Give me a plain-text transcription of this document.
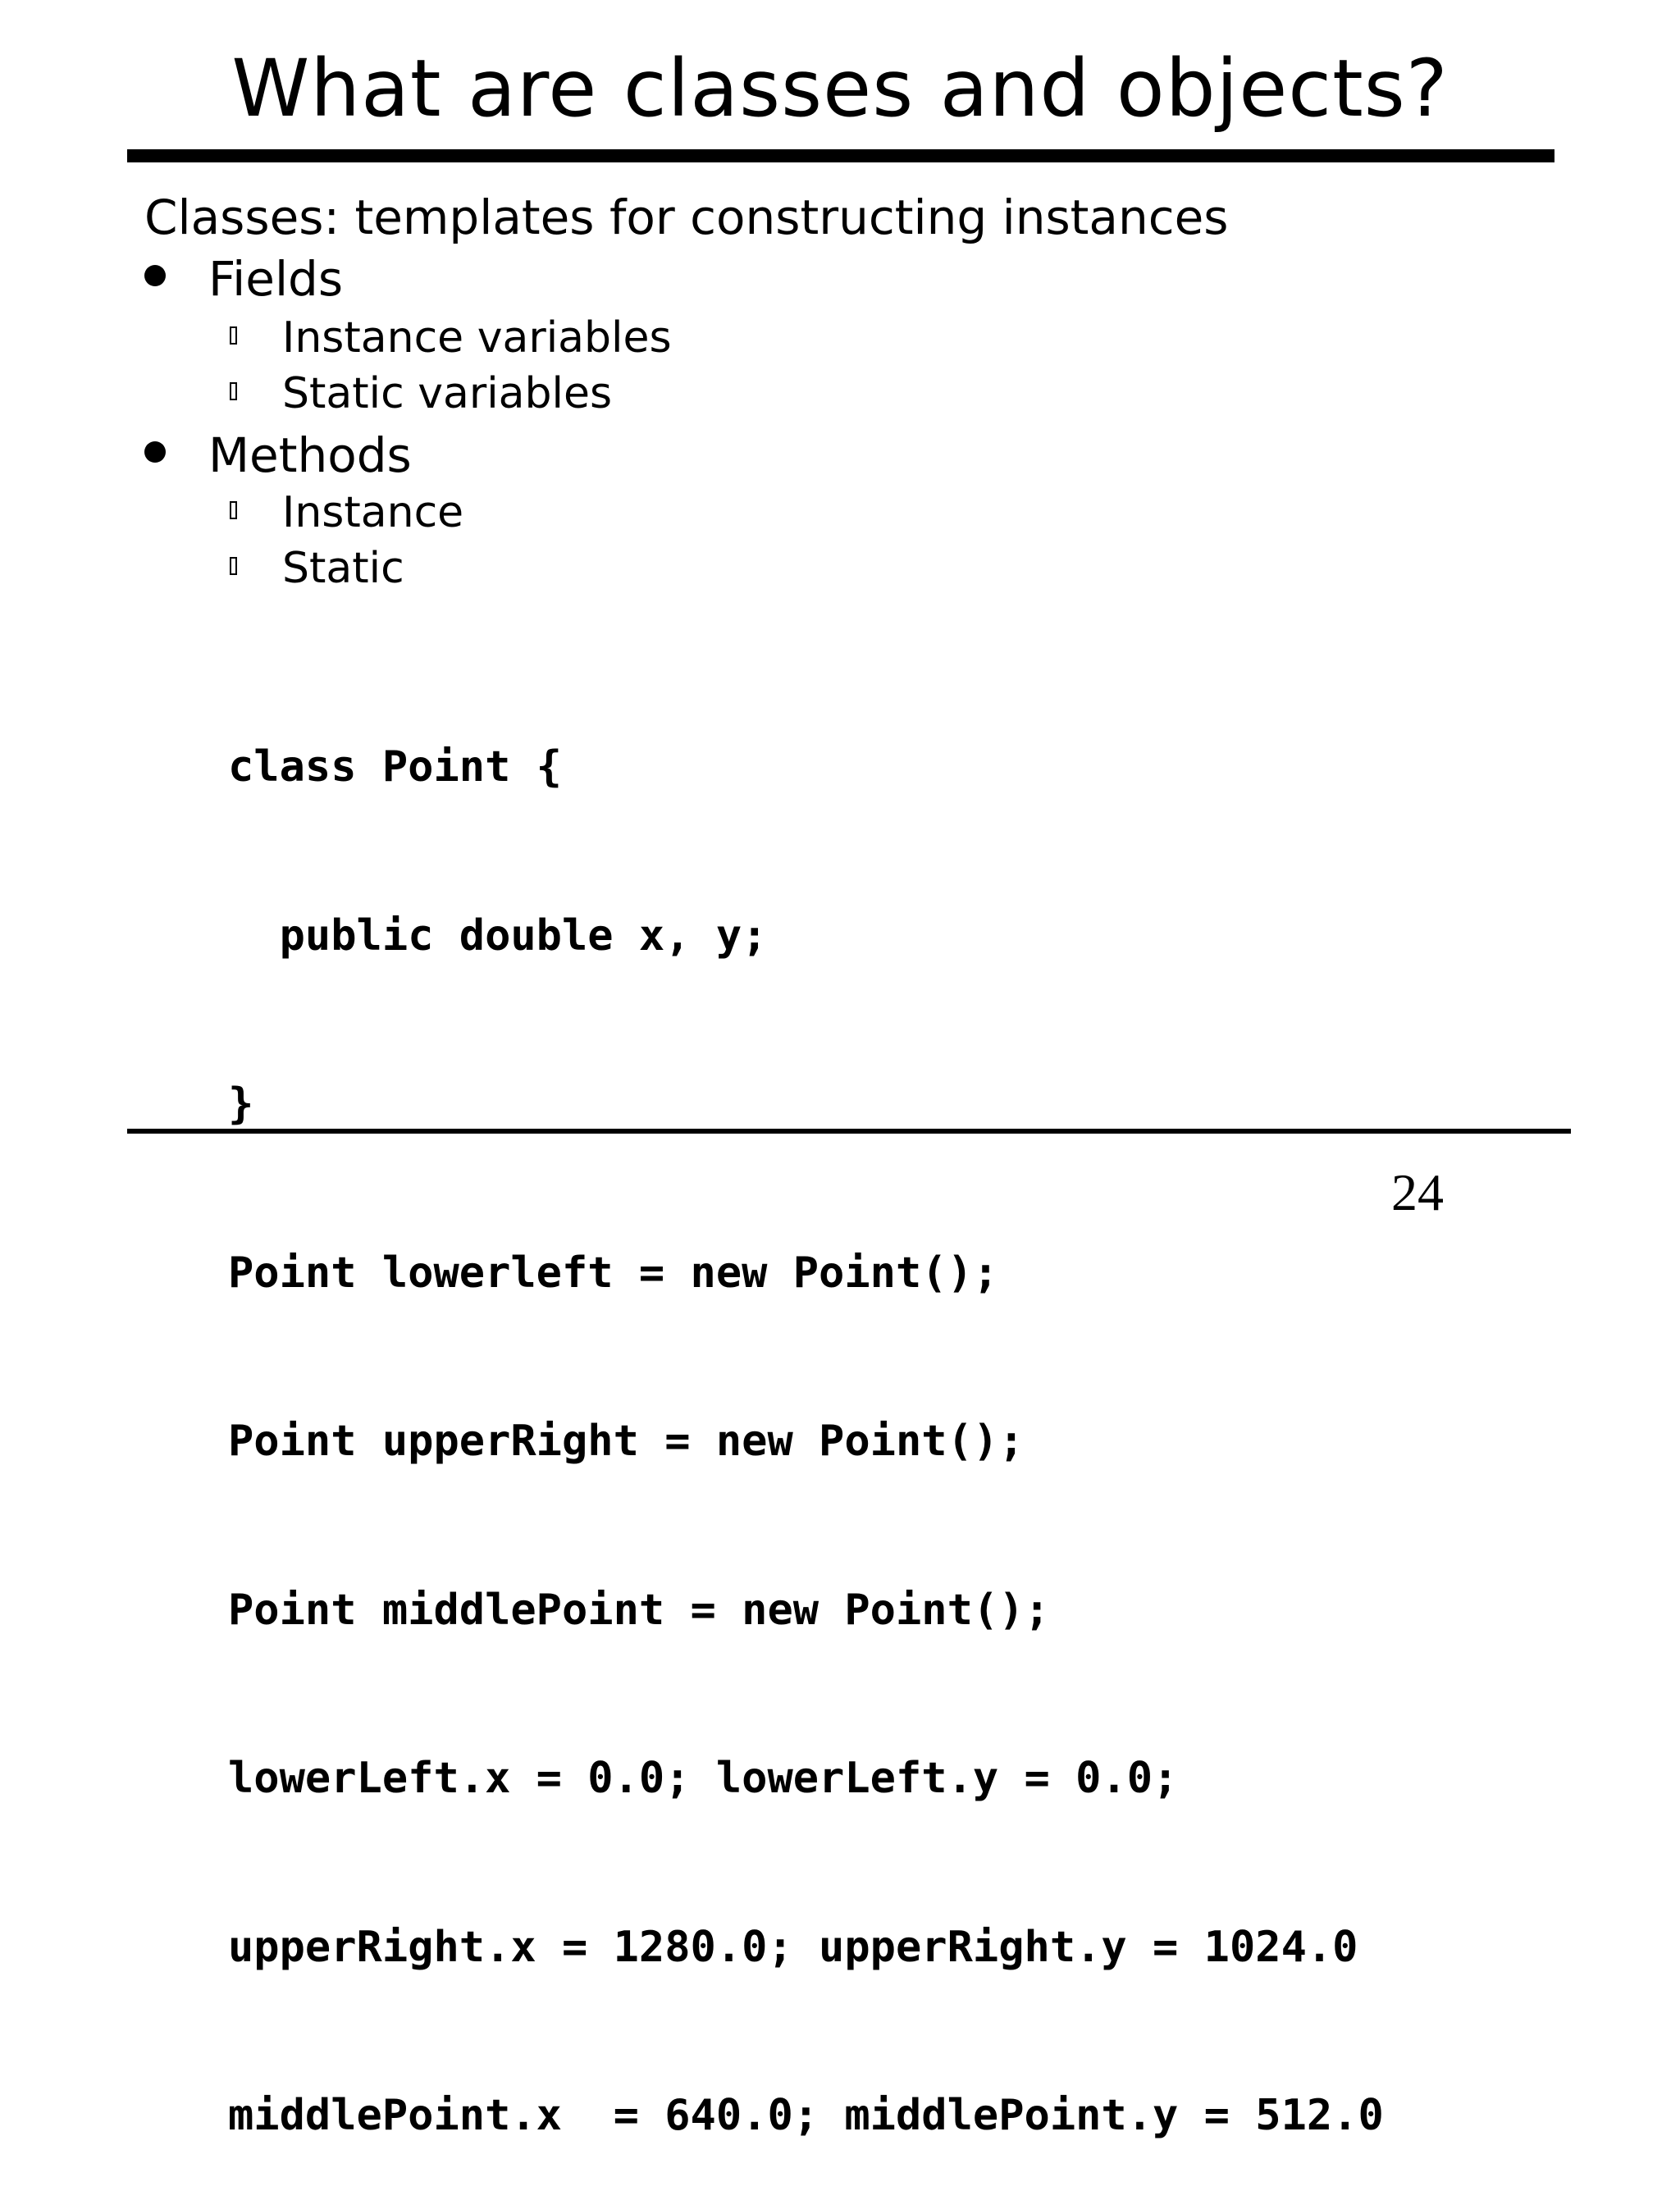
What are classes and objects?
Classes: templates for constructing instances
Fields
Instance variables
Static variables
Methods
Instance
Static

class Point {

public double x, y;

}

Point lowerleft = new Point();

Point upperRight = new Point();

Point middlePoint = new Point();

lowerLeft.x = 0.0; lowerLeft.y = 0.0;

upperRight.x = 1280.0; upperRight.y = 1024.0

middlePoint.x  = 640.0; middlePoint.y = 512.0

24
